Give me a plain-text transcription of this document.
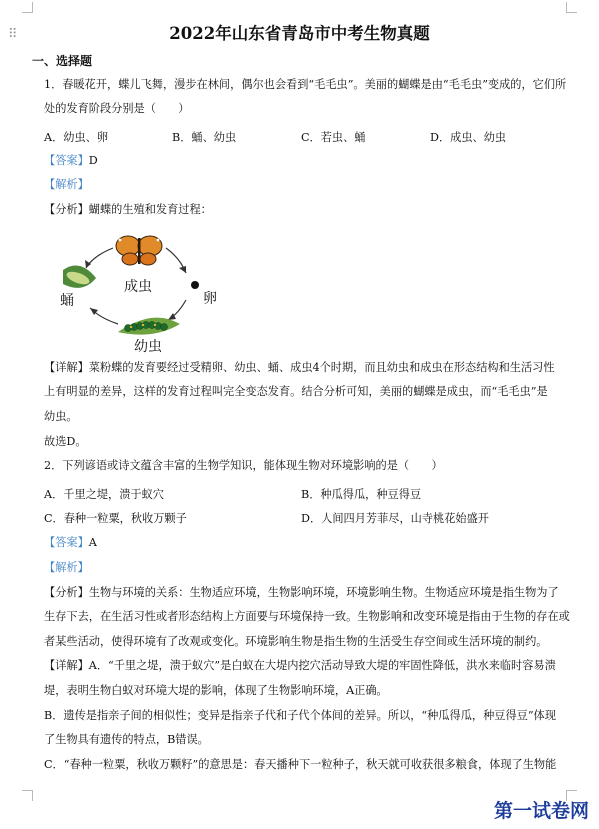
⠿	2022年山东省青岛市中考生物真题
一、选择题
1．春暖花开，蝶儿飞舞，漫步在林间，偶尔也会看到“毛毛虫”。美丽的蝴蝶是由“毛毛虫”变成的，它们所
处的发育阶段分别是（　　）
A．幼虫、卵	B．蛹、幼虫	C．若虫、蛹	D．成虫、幼虫
【答案】D
【解析】
【分析】蝴蝶的生殖和发育过程：
成虫
卵
幼虫
蛹
【详解】菜粉蝶的发育要经过受精卵、幼虫、蛹、成虫4个时期，而且幼虫和成虫在形态结构和生活习性
上有明显的差异，这样的发育过程叫完全变态发育。结合分析可知，美丽的蝴蝶是成虫，而“毛毛虫”是
幼虫。
故选D。
2．下列谚语或诗文蕴含丰富的生物学知识，能体现生物对环境影响的是（　　）
A．千里之堤，溃于蚁穴	B．种瓜得瓜，种豆得豆
C．春种一粒粟，秋收万颗子	D．人间四月芳菲尽，山寺桃花始盛开
【答案】A
【解析】
【分析】生物与环境的关系：生物适应环境，生物影响环境，环境影响生物。生物适应环境是指生物为了
生存下去，在生活习性或者形态结构上方面要与环境保持一致。生物影响和改变环境是指由于生物的存在或
者某些活动，使得环境有了改观或变化。环境影响生物是指生物的生活受生存空间或生活环境的制约。
【详解】A．“千里之堤，溃于蚁穴”是白蚁在大堤内挖穴活动导致大堤的牢固性降低，洪水来临时容易溃
堤，表明生物白蚁对环境大堤的影响，体现了生物影响环境，A正确。
B．遗传是指亲子间的相似性；变异是指亲子代和子代个体间的差异。所以，“种瓜得瓜，种豆得豆”体现
了生物具有遗传的特点，B错误。
C．“春种一粒粟，秋收万颗籽”的意思是：春天播种下一粒种子，秋天就可收获很多粮食，体现了生物能
第一试卷网
